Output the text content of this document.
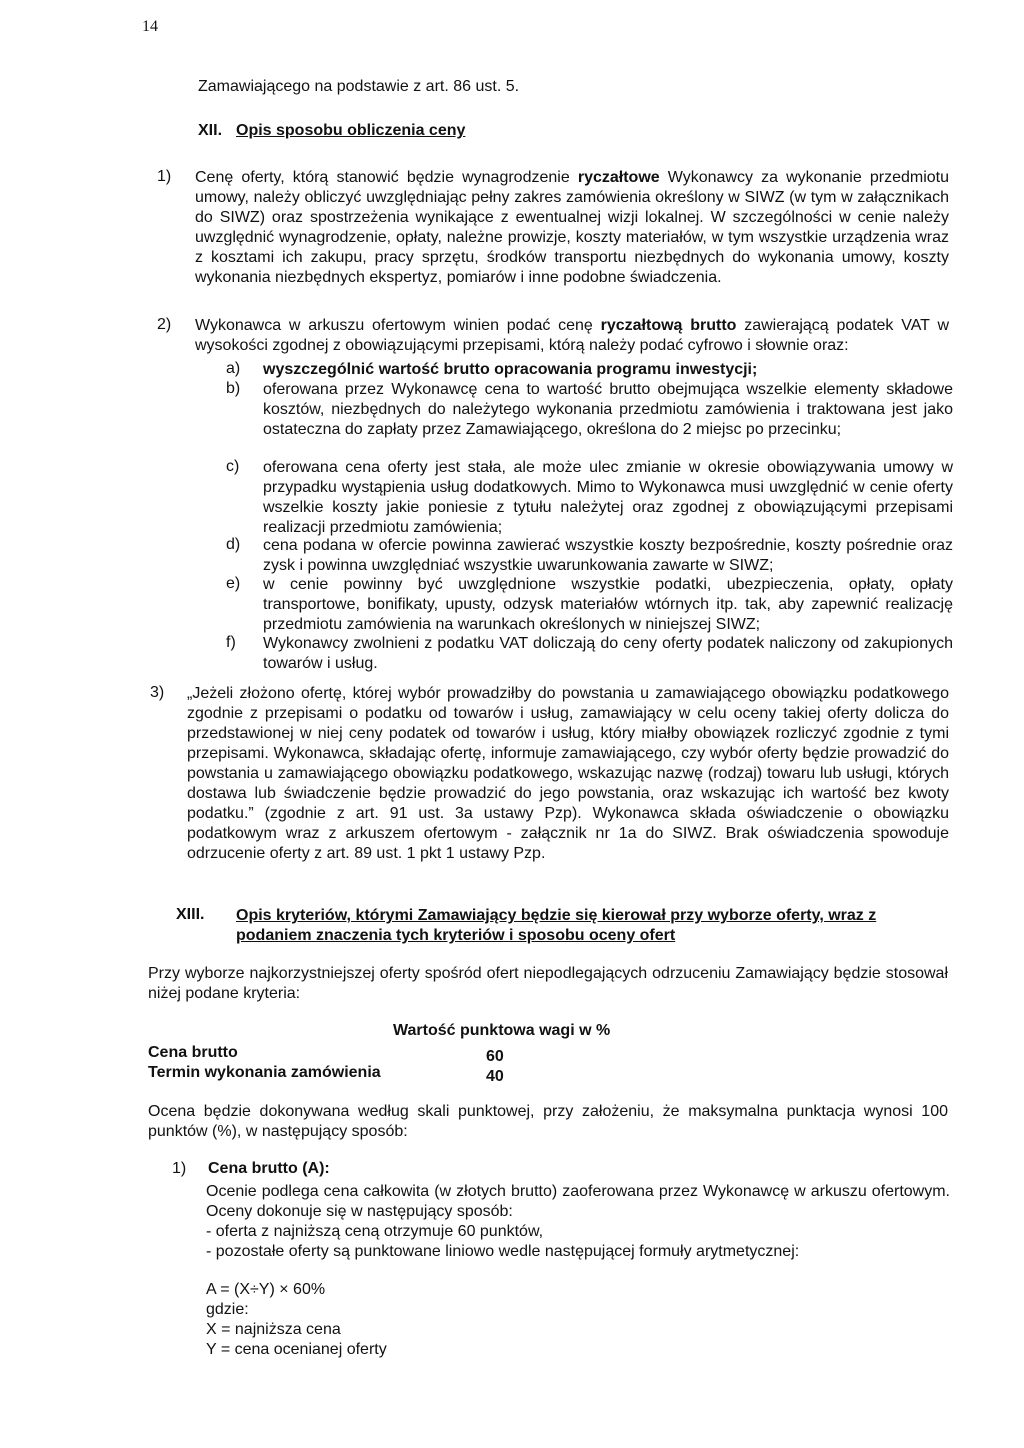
14

Zamawiającego na podstawie z art. 86 ust. 5.

XII. Opis sposobu obliczenia ceny
1) Cenę oferty, którą stanowić będzie wynagrodzenie ryczałtowe Wykonawcy za wykonanie przedmiotu umowy, należy obliczyć uwzględniając pełny zakres zamówienia określony w SIWZ (w tym w załącznikach do SIWZ) oraz spostrzeżenia wynikające z ewentualnej wizji lokalnej. W szczególności w cenie należy uwzględnić wynagrodzenie, opłaty, należne prowizje, koszty materiałów, w tym wszystkie urządzenia wraz z kosztami ich zakupu, pracy sprzętu, środków transportu niezbędnych do wykonania umowy, koszty wykonania niezbędnych ekspertyz, pomiarów i inne podobne świadczenia.

2) Wykonawca w arkuszu ofertowym winien podać cenę ryczałtową brutto zawierającą podatek VAT w wysokości zgodnej z obowiązującymi przepisami, którą należy podać cyfrowo i słownie oraz:

a) wyszczególnić wartość brutto opracowania programu inwestycji;

b) oferowana przez Wykonawcę cena to wartość brutto obejmująca wszelkie elementy składowe kosztów, niezbędnych do należytego wykonania przedmiotu zamówienia i traktowana jest jako ostateczna do zapłaty przez Zamawiającego, określona do 2 miejsc po przecinku;

c) oferowana cena oferty jest stała, ale może ulec zmianie w okresie obowiązywania umowy w przypadku wystąpienia usług dodatkowych. Mimo to Wykonawca musi uwzględnić w cenie oferty wszelkie koszty jakie poniesie z tytułu należytej oraz zgodnej z obowiązującymi przepisami realizacji przedmiotu zamówienia;

d) cena podana w ofercie powinna zawierać wszystkie koszty bezpośrednie, koszty pośrednie oraz zysk i powinna uwzględniać wszystkie uwarunkowania zawarte w SIWZ;

e) w cenie powinny być uwzględnione wszystkie podatki, ubezpieczenia, opłaty, opłaty transportowe, bonifikaty, upusty, odzysk materiałów wtórnych itp. tak, aby zapewnić realizację przedmiotu zamówienia na warunkach określonych w niniejszej SIWZ;

f) Wykonawcy zwolnieni z podatku VAT doliczają do ceny oferty podatek naliczony od zakupionych towarów i usług.

3) „Jeżeli złożono ofertę, której wybór prowadziłby do powstania u zamawiającego obowiązku podatkowego zgodnie z przepisami o podatku od towarów i usług, zamawiający w celu oceny takiej oferty dolicza do przedstawionej w niej ceny podatek od towarów i usług, który miałby obowiązek rozliczyć zgodnie z tymi przepisami. Wykonawca, składając ofertę, informuje zamawiającego, czy wybór oferty będzie prowadzić do powstania u zamawiającego obowiązku podatkowego, wskazując nazwę (rodzaj) towaru lub usługi, których dostawa lub świadczenie będzie prowadzić do jego powstania, oraz wskazując ich wartość bez kwoty podatku.” (zgodnie z art. 91 ust. 3a ustawy Pzp). Wykonawca składa oświadczenie o obowiązku podatkowym wraz z arkuszem ofertowym - załącznik nr 1a do SIWZ. Brak oświadczenia spowoduje odrzucenie oferty z art. 89 ust. 1 pkt 1 ustawy Pzp.

XIII. Opis kryteriów, którymi Zamawiający będzie się kierował przy wyborze oferty, wraz z podaniem znaczenia tych kryteriów i sposobu oceny ofert

Przy wyborze najkorzystniejszej oferty spośród ofert niepodlegających odrzuceniu Zamawiający będzie stosował niżej podane kryteria:

Wartość punktowa wagi w %
Cena brutto	60
Termin wykonania zamówienia	40

Ocena będzie dokonywana według skali punktowej, przy założeniu, że maksymalna punktacja wynosi 100 punktów (%), w następujący sposób:

1) Cena brutto (A):

Ocenie podlega cena całkowita (w złotych brutto) zaoferowana przez Wykonawcę w arkuszu ofertowym. Oceny dokonuje się w następujący sposób:

- oferta z najniższą ceną otrzymuje 60 punktów,

- pozostałe oferty są punktowane liniowo wedle następującej formuły arytmetycznej:

A = (X÷Y) × 60%

gdzie:

X = najniższa cena

Y = cena ocenianej oferty
